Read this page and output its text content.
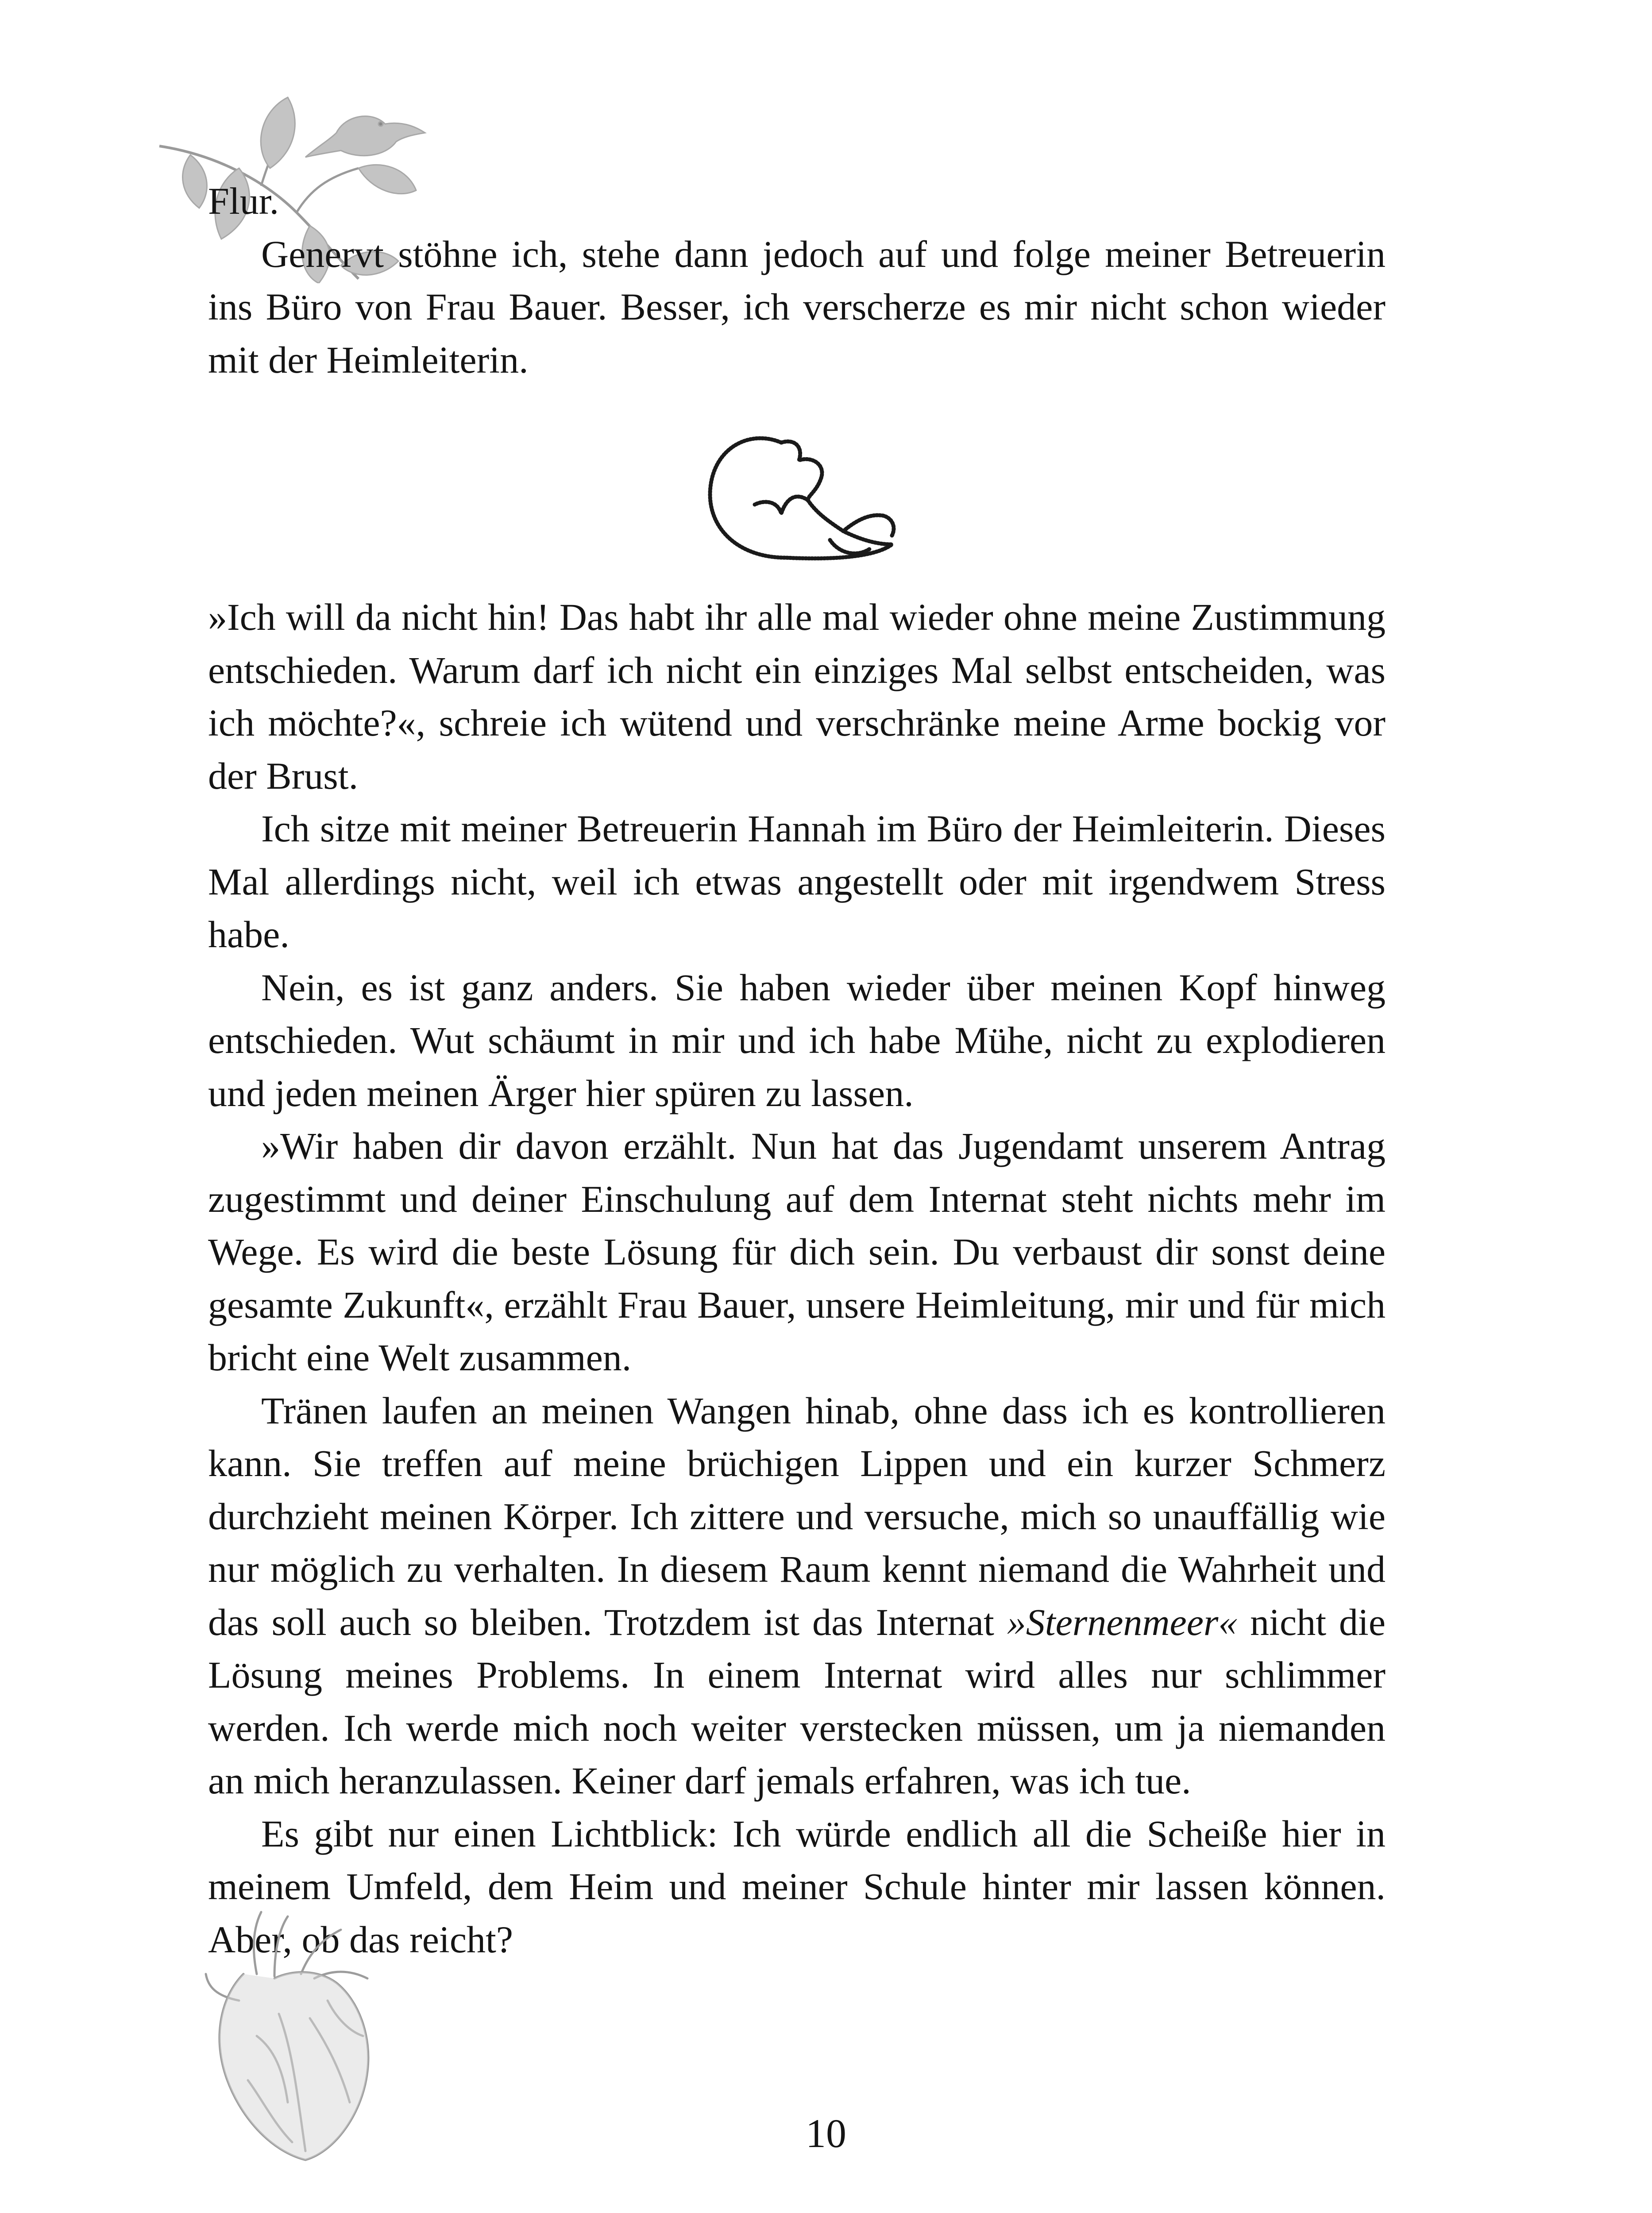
Flur.

Genervt stöhne ich, stehe dann jedoch auf und folge meiner Betreuerin ins Büro von Frau Bauer. Besser, ich verscherze es mir nicht schon wieder mit der Heimleiterin.

»Ich will da nicht hin! Das habt ihr alle mal wieder ohne meine Zustimmung entschieden. Warum darf ich nicht ein einziges Mal selbst entscheiden, was ich möchte?«, schreie ich wütend und verschränke meine Arme bockig vor der Brust.

Ich sitze mit meiner Betreuerin Hannah im Büro der Heimleiterin. Dieses Mal allerdings nicht, weil ich etwas angestellt oder mit irgendwem Stress habe.

Nein, es ist ganz anders. Sie haben wieder über meinen Kopf hinweg entschieden. Wut schäumt in mir und ich habe Mühe, nicht zu explodieren und jeden meinen Ärger hier spüren zu lassen.

»Wir haben dir davon erzählt. Nun hat das Jugendamt unserem Antrag zugestimmt und deiner Einschulung auf dem Internat steht nichts mehr im Wege. Es wird die beste Lösung für dich sein. Du verbaust dir sonst deine gesamte Zukunft«, erzählt Frau Bauer, unsere Heimleitung, mir und für mich bricht eine Welt zusammen.

Tränen laufen an meinen Wangen hinab, ohne dass ich es kontrollieren kann. Sie treffen auf meine brüchigen Lippen und ein kurzer Schmerz durchzieht meinen Körper. Ich zittere und versuche, mich so unauffällig wie nur möglich zu verhalten. In diesem Raum kennt niemand die Wahrheit und das soll auch so bleiben. Trotzdem ist das Internat »Sternenmeer« nicht die Lösung meines Problems. In einem Internat wird alles nur schlimmer werden. Ich werde mich noch weiter verstecken müssen, um ja niemanden an mich heranzulassen. Keiner darf jemals erfahren, was ich tue.

Es gibt nur einen Lichtblick: Ich würde endlich all die Scheiße hier in meinem Umfeld, dem Heim und meiner Schule hinter mir lassen können. Aber, ob das reicht?

10
